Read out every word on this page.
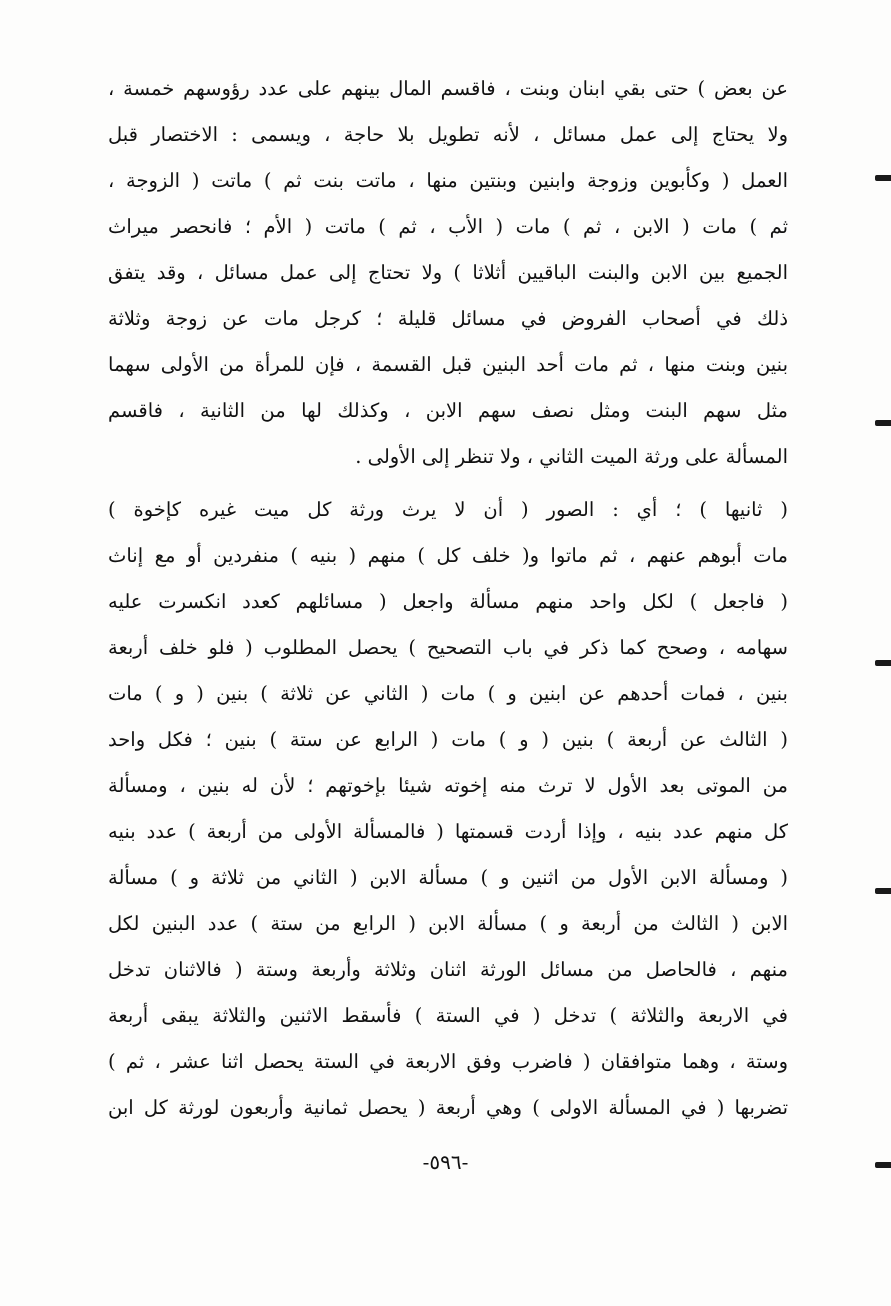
عن بعض ) حتى بقي ابنان وبنت ، فاقسم المال بينهم على عدد رؤوسهم خمسة ،
ولا يحتاج إلى عمل مسائل ، لأنه تطويل بلا حاجة ، ويسمى : الاختصار قبل
العمل ( وكأبوين وزوجة وابنين وبنتين منها ، ماتت بنت ثم ) ماتت ( الزوجة ،
ثم ) مات ( الابن ، ثم ) مات ( الأب ، ثم ) ماتت ( الأم ؛ فانحصر ميراث
الجميع بين الابن والبنت الباقيين أثلاثا ) ولا تحتاج إلى عمل مسائل ، وقد يتفق
ذلك في أصحاب الفروض في مسائل قليلة ؛ كرجل مات عن زوجة وثلاثة
بنين وبنت منها ، ثم مات أحد البنين قبل القسمة ، فإن للمرأة من الأولى سهما
مثل سهم البنت ومثل نصف سهم الابن ، وكذلك لها من الثانية ، فاقسم
المسألة على ورثة الميت الثاني ، ولا تنظر إلى الأولى .
( ثانيها ) ؛ أي : الصور ( أن لا يرث ورثة كل ميت غيره كإخوة )
مات أبوهم عنهم ، ثم ماتوا و( خلف كل ) منهم ( بنيه ) منفردين أو مع إناث
( فاجعل ) لكل واحد منهم مسألة واجعل ( مسائلهم كعدد انكسرت عليه
سهامه ، وصحح كما ذكر في باب التصحيح ) يحصل المطلوب ( فلو خلف أربعة
بنين ، فمات أحدهم عن ابنين و ) مات ( الثاني عن ثلاثة ) بنين ( و ) مات
( الثالث عن أربعة ) بنين ( و ) مات ( الرابع عن ستة ) بنين ؛ فكل واحد
من الموتى بعد الأول لا ترث منه إخوته شيئا بإخوتهم ؛ لأن له بنين ، ومسألة
كل منهم عدد بنيه ، وإذا أردت قسمتها ( فالمسألة الأولى من أربعة ) عدد بنيه
( ومسألة الابن الأول من اثنين و ) مسألة الابن ( الثاني من ثلاثة و ) مسألة
الابن ( الثالث من أربعة و ) مسألة الابن ( الرابع من ستة ) عدد البنين لكل
منهم ، فالحاصل من مسائل الورثة اثنان وثلاثة وأربعة وستة ( فالاثنان تدخل
في الاربعة والثلاثة ) تدخل ( في الستة ) فأسقط الاثنين والثلاثة يبقى أربعة
وستة ، وهما متوافقان ( فاضرب وفق الاربعة في الستة يحصل اثنا عشر ، ثم )
تضربها ( في المسألة الاولى ) وهي أربعة ( يحصل ثمانية وأربعون لورثة كل ابن
-٥٩٦-
